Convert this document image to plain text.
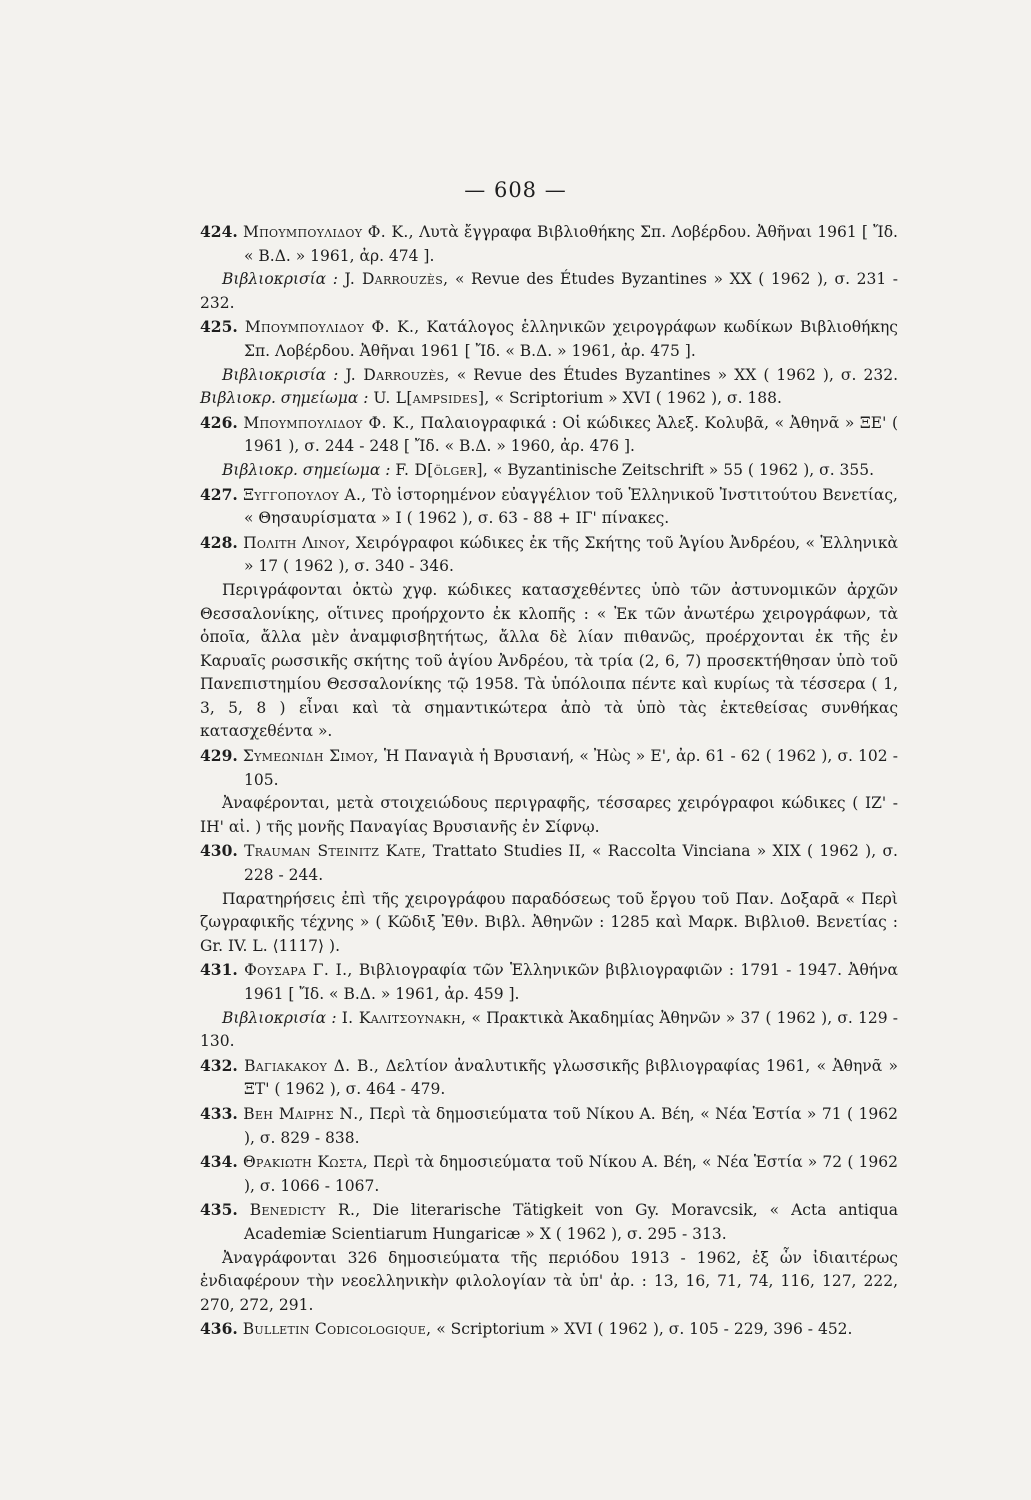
— 608 —

424. Μπουμπουλιδου Φ. Κ., Λυτὰ ἔγγραφα Βιβλιοθήκης Σπ. Λοβέρδου. Ἀθῆναι 1961 [ Ἴδ. « Β.Δ. » 1961, ἀρ. 474 ].

Βιβλιοκρισία : J. Darrouzès, « Revue des Études Byzantines » XX ( 1962 ), σ. 231 - 232.

425. Μπουμπουλιδου Φ. Κ., Κατάλογος ἑλληνικῶν χειρογράφων κωδίκων Βιβλιοθήκης Σπ. Λοβέρδου. Ἀθῆναι 1961 [ Ἴδ. « Β.Δ. » 1961, ἀρ. 475 ].

Βιβλιοκρισία : J. Darrouzès, « Revue des Études Byzantines » XX ( 1962 ), σ. 232. Βιβλιοκρ. σημείωμα : U. L[ampsides], « Scriptorium » XVI ( 1962 ), σ. 188.

426. Μπουμπουλιδου Φ. Κ., Παλαιογραφικά : Οἱ κώδικες Ἀλεξ. Κολυβᾶ, « Ἀθηνᾶ » ΞΕ' ( 1961 ), σ. 244 - 248 [ Ἴδ. « Β.Δ. » 1960, ἀρ. 476 ].

Βιβλιοκρ. σημείωμα : F. D[ölger], « Byzantinische Zeitschrift » 55 ( 1962 ), σ. 355.

427. Ξυγγοπουλου Α., Τὸ ἱστορημένον εὐαγγέλιον τοῦ Ἑλληνικοῦ Ἰνστιτούτου Βενετίας, « Θησαυρίσματα » Ι ( 1962 ), σ. 63 - 88 + ΙΓ' πίνακες.

428. Πολιτη Λινου, Χειρόγραφοι κώδικες ἐκ τῆς Σκήτης τοῦ Ἁγίου Ἀνδρέου, « Ἑλληνικὰ » 17 ( 1962 ), σ. 340 - 346.

Περιγράφονται ὀκτὼ χγφ. κώδικες κατασχεθέντες ὑπὸ τῶν ἀστυνομικῶν ἀρχῶν Θεσσαλονίκης, οἵτινες προήρχοντο ἐκ κλοπῆς : « Ἐκ τῶν ἀνωτέρω χειρογράφων, τὰ ὁποῖα, ἄλλα μὲν ἀναμφισβητήτως, ἄλλα δὲ λίαν πιθανῶς, προέρχονται ἐκ τῆς ἐν Καρυαῖς ρωσσικῆς σκήτης τοῦ ἁγίου Ἀνδρέου, τὰ τρία (2, 6, 7) προσεκτήθησαν ὑπὸ τοῦ Πανεπιστημίου Θεσσαλονίκης τῷ 1958. Τὰ ὑπόλοιπα πέντε καὶ κυρίως τὰ τέσσερα ( 1, 3, 5, 8 ) εἶναι καὶ τὰ σημαντικώτερα ἀπὸ τὰ ὑπὸ τὰς ἐκτεθείσας συνθήκας κατασχεθέντα ».

429. Συμεωνιδη Σιμου, Ἡ Παναγιὰ ἡ Βρυσιανή, « Ἠὼς » Ε', ἀρ. 61 - 62 ( 1962 ), σ. 102 - 105.

Ἀναφέρονται, μετὰ στοιχειώδους περιγραφῆς, τέσσαρες χειρόγραφοι κώδικες ( ΙΖ' - ΙΗ' αἰ. ) τῆς μονῆς Παναγίας Βρυσιανῆς ἐν Σίφνῳ.

430. Trauman Steinitz Kate, Trattato Studies II, « Raccolta Vinciana » XIX ( 1962 ), σ. 228 - 244.

Παρατηρήσεις ἐπὶ τῆς χειρογράφου παραδόσεως τοῦ ἔργου τοῦ Παν. Δοξαρᾶ « Περὶ ζωγραφικῆς τέχνης » ( Κῶδιξ Ἐθν. Βιβλ. Ἀθηνῶν : 1285 καὶ Μαρκ. Βιβλιοθ. Βενετίας : Gr. IV. L. ⟨1117⟩ ).

431. Φουσαρα Γ. Ι., Βιβλιογραφία τῶν Ἑλληνικῶν βιβλιογραφιῶν : 1791 - 1947. Ἀθήνα 1961 [ Ἴδ. « Β.Δ. » 1961, ἀρ. 459 ].

Βιβλιοκρισία : Ι. Καλιτσουνακη, « Πρακτικὰ Ἀκαδημίας Ἀθηνῶν » 37 ( 1962 ), σ. 129 - 130.

432. Βαγιακακου Δ. Β., Δελτίον ἀναλυτικῆς γλωσσικῆς βιβλιογραφίας 1961, « Ἀθηνᾶ » ΞΤ' ( 1962 ), σ. 464 - 479.

433. Βεη Μαιρης Ν., Περὶ τὰ δημοσιεύματα τοῦ Νίκου Α. Βέη, « Νέα Ἑστία » 71 ( 1962 ), σ. 829 - 838.

434. Θρακιωτη Κωστα, Περὶ τὰ δημοσιεύματα τοῦ Νίκου Α. Βέη, « Νέα Ἑστία » 72 ( 1962 ), σ. 1066 - 1067.

435. Benedicty R., Die literarische Tätigkeit von Gy. Moravcsik, « Acta antiqua Academiæ Scientiarum Hungaricæ » X ( 1962 ), σ. 295 - 313.

Ἀναγράφονται 326 δημοσιεύματα τῆς περιόδου 1913 - 1962, ἐξ ὧν ἰδιαιτέρως ἐνδιαφέρουν τὴν νεοελληνικὴν φιλολογίαν τὰ ὑπ' ἀρ. : 13, 16, 71, 74, 116, 127, 222, 270, 272, 291.

436. Bulletin Codicologique, « Scriptorium » XVI ( 1962 ), σ. 105 - 229, 396 - 452.
